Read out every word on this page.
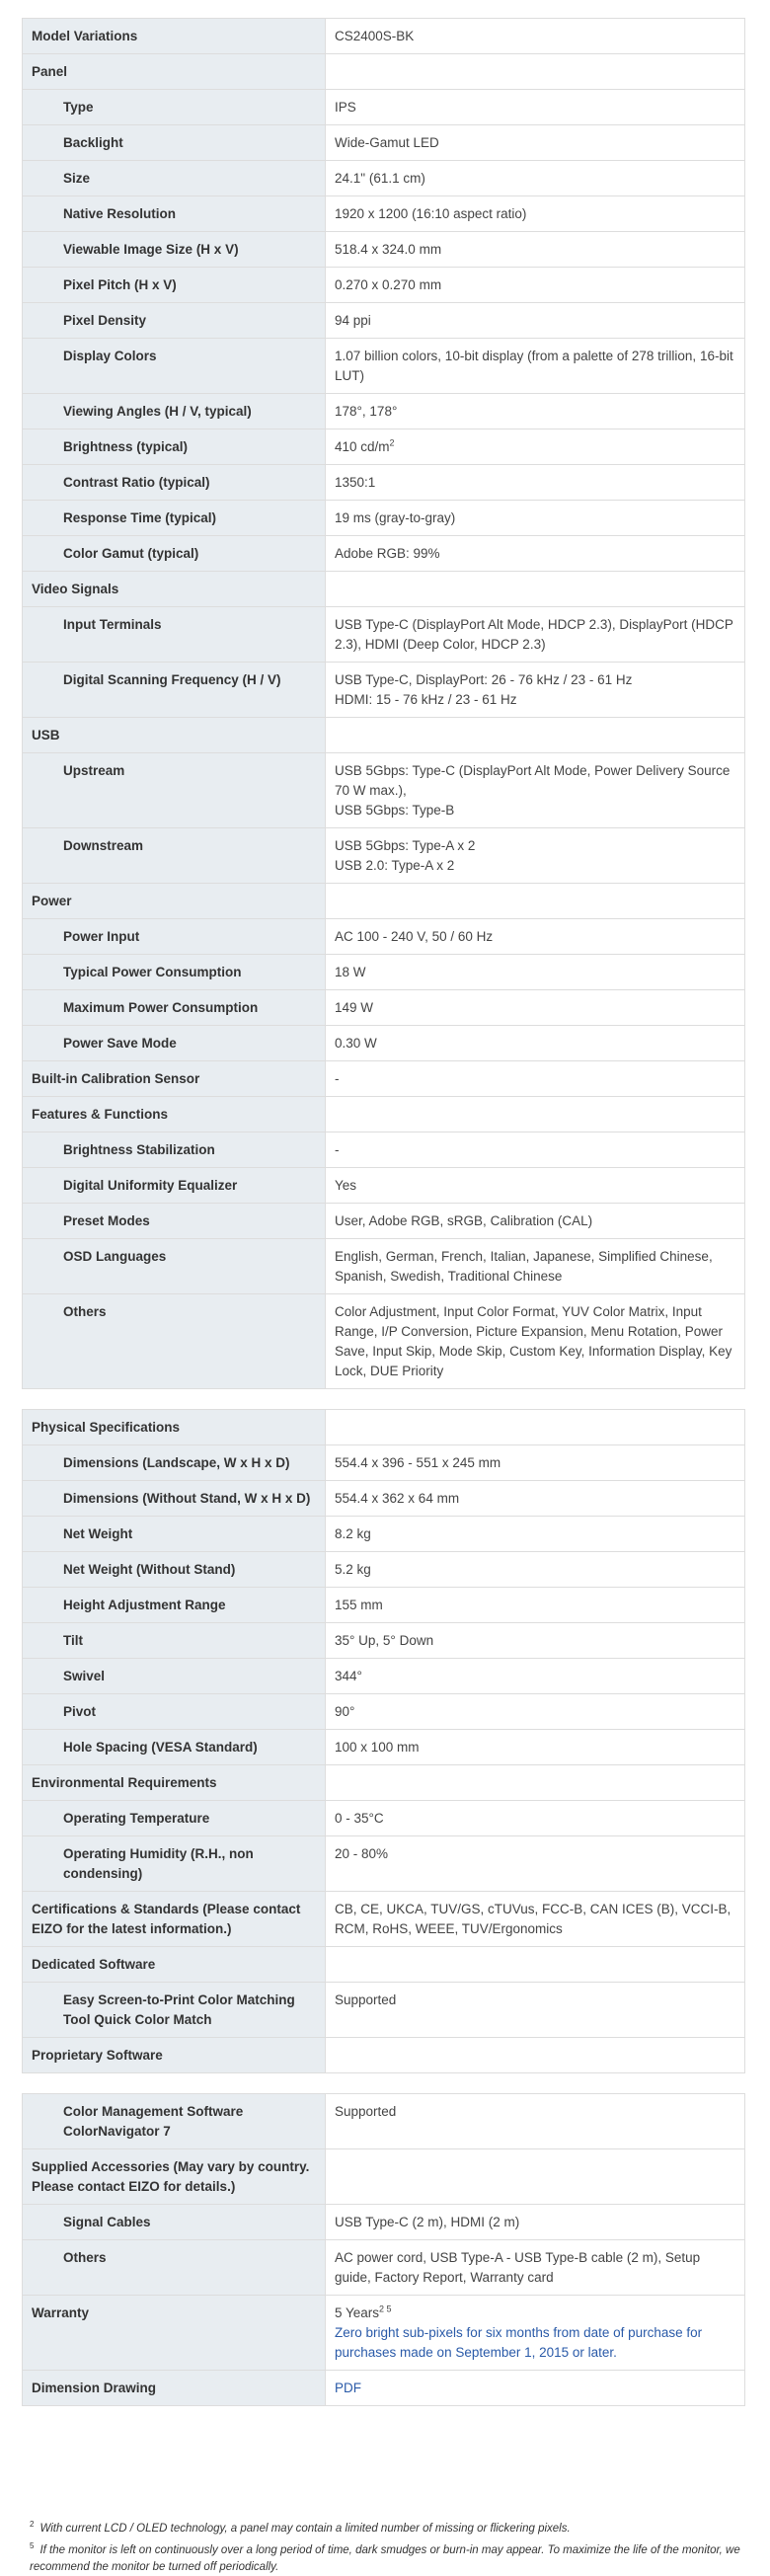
Model Variations	CS2400S-BK

Panel	

Type	IPS

Backlight	Wide-Gamut LED

Size	24.1" (61.1 cm)

Native Resolution	1920 x 1200 (16:10 aspect ratio)

Viewable Image Size (H x V)	518.4 x 324.0 mm

Pixel Pitch (H x V)	0.270 x 0.270 mm

Pixel Density	94 ppi

Display Colors	1.07 billion colors, 10-bit display (from a palette of 278 trillion, 16-bit LUT)

Viewing Angles (H / V, typical)	178°, 178°

Brightness (typical)	410 cd/m$^2$

Contrast Ratio (typical)	1350:1

Response Time (typical)	19 ms (gray-to-gray)

Color Gamut (typical)	Adobe RGB: 99%

Video Signals	

Input Terminals	USB Type-C (DisplayPort Alt Mode, HDCP 2.3), DisplayPort (HDCP 2.3), HDMI (Deep Color, HDCP 2.3)

Digital Scanning Frequency (H / V)	USB Type-C, DisplayPort: 26 - 76 kHz / 23 - 61 Hz
HDMI: 15 - 76 kHz / 23 - 61 Hz

USB	

Upstream	USB 5Gbps: Type-C (DisplayPort Alt Mode, Power Delivery Source 70 W max.),
USB 5Gbps: Type-B

Downstream	USB 5Gbps: Type-A x 2
USB 2.0: Type-A x 2

Power	

Power Input	AC 100 - 240 V, 50 / 60 Hz

Typical Power Consumption	18 W

Maximum Power Consumption	149 W

Power Save Mode	0.30 W

Built-in Calibration Sensor	-

Features & Functions	

Brightness Stabilization	-

Digital Uniformity Equalizer	Yes

Preset Modes	User, Adobe RGB, sRGB, Calibration (CAL)

OSD Languages	English, German, French, Italian, Japanese, Simplified Chinese, Spanish, Swedish, Traditional Chinese

Others	Color Adjustment, Input Color Format, YUV Color Matrix, Input Range, I/P Conversion, Picture Expansion, Menu Rotation, Power Save, Input Skip, Mode Skip, Custom Key, Information Display, Key Lock, DUE Priority
Physical Specifications	

Dimensions (Landscape, W x H x D)	554.4 x 396 - 551 x 245 mm

Dimensions (Without Stand, W x H x D)	554.4 x 362 x 64 mm

Net Weight	8.2 kg

Net Weight (Without Stand)	5.2 kg

Height Adjustment Range	155 mm

Tilt	35° Up, 5° Down

Swivel	344°

Pivot	90°

Hole Spacing (VESA Standard)	100 x 100 mm

Environmental Requirements	

Operating Temperature	0 - 35°C

Operating Humidity (R.H., non condensing)	20 - 80%

Certifications & Standards (Please contact EIZO for the latest information.)	CB, CE, UKCA, TUV/GS, cTUVus, FCC-B, CAN ICES (B), VCCI-B, RCM, RoHS, WEEE, TUV/Ergonomics

Dedicated Software	

Easy Screen-to-Print Color Matching Tool Quick Color Match	Supported

Proprietary Software	

Color Management Software ColorNavigator 7	Supported

Supplied Accessories (May vary by country. Please contact EIZO for details.)	

Signal Cables	USB Type-C (2 m), HDMI (2 m)

Others	AC power cord, USB Type-A - USB Type-B cable (2 m), Setup guide, Factory Report, Warranty card

Warranty	5 Years$^{2 5}$
Zero bright sub-pixels for six months from date of purchase for purchases made on September 1, 2015 or later.

Dimension Drawing	PDF
$^2$ With current LCD / OLED technology, a panel may contain a limited number of missing or flickering pixels.
$^5$ If the monitor is left on continuously over a long period of time, dark smudges or burn-in may appear. To maximize the life of the monitor, we recommend the monitor be turned off periodically.
